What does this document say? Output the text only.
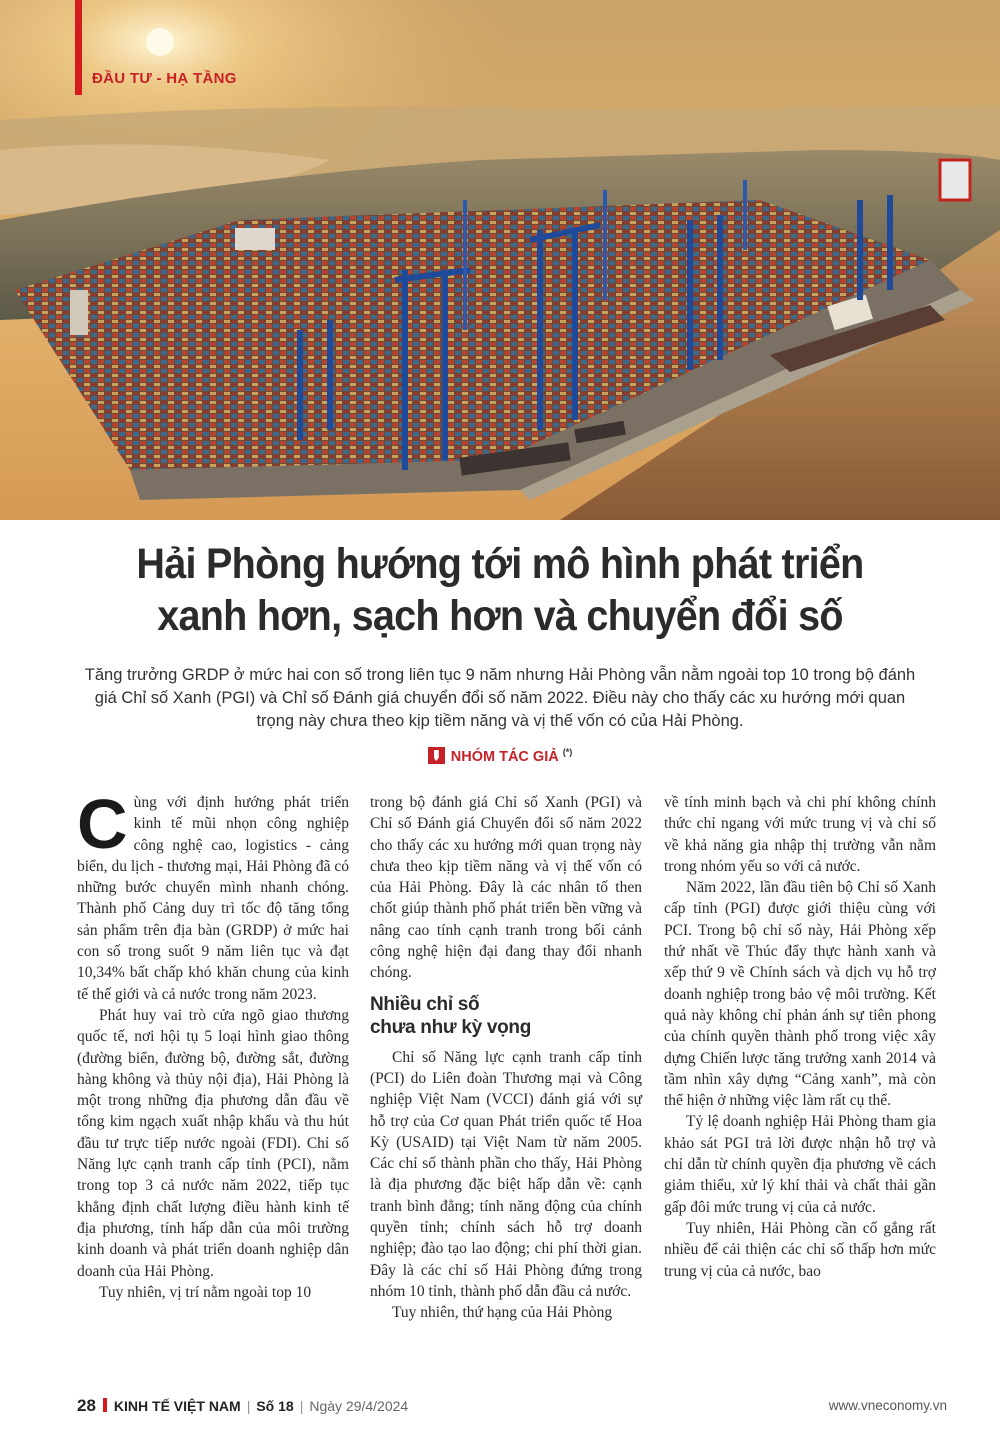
ĐẦU TƯ - HẠ TẦNG
Hải Phòng hướng tới mô hình phát triển
xanh hơn, sạch hơn và chuyển đổi số
Tăng trưởng GRDP ở mức hai con số trong liên tục 9 năm nhưng Hải Phòng vẫn nằm ngoài top 10 trong bộ đánh giá Chỉ số Xanh (PGI) và Chỉ số Đánh giá chuyển đổi số năm 2022. Điều này cho thấy các xu hướng mới quan trọng này chưa theo kịp tiềm năng và vị thế vốn có của Hải Phòng.
NHÓM TÁC GIẢ (*)

Cùng với định hướng phát triển kinh tế mũi nhọn công nghiệp công nghệ cao, logistics - cảng biển, du lịch - thương mại, Hải Phòng đã có những bước chuyển mình nhanh chóng. Thành phố Cảng duy trì tốc độ tăng tổng sản phẩm trên địa bàn (GRDP) ở mức hai con số trong suốt 9 năm liên tục và đạt 10,34% bất chấp khó khăn chung của kinh tế thế giới và cả nước trong năm 2023.

Phát huy vai trò cửa ngõ giao thương quốc tế, nơi hội tụ 5 loại hình giao thông (đường biển, đường bộ, đường sắt, đường hàng không và thủy nội địa), Hải Phòng là một trong những địa phương dẫn đầu về tổng kim ngạch xuất nhập khẩu và thu hút đầu tư trực tiếp nước ngoài (FDI). Chỉ số Năng lực cạnh tranh cấp tỉnh (PCI), nằm trong top 3 cả nước năm 2022, tiếp tục khẳng định chất lượng điều hành kinh tế địa phương, tính hấp dẫn của môi trường kinh doanh và phát triển doanh nghiệp dân doanh của Hải Phòng.

Tuy nhiên, vị trí nằm ngoài top 10

trong bộ đánh giá Chỉ số Xanh (PGI) và Chỉ số Đánh giá Chuyển đổi số năm 2022 cho thấy các xu hướng mới quan trọng này chưa theo kịp tiềm năng và vị thế vốn có của Hải Phòng. Đây là các nhân tố then chốt giúp thành phố phát triển bền vững và nâng cao tính cạnh tranh trong bối cảnh công nghệ hiện đại đang thay đổi nhanh chóng.

Nhiều chỉ số
chưa như kỳ vọng

Chỉ số Năng lực cạnh tranh cấp tỉnh (PCI) do Liên đoàn Thương mại và Công nghiệp Việt Nam (VCCI) đánh giá với sự hỗ trợ của Cơ quan Phát triển quốc tế Hoa Kỳ (USAID) tại Việt Nam từ năm 2005. Các chỉ số thành phần cho thấy, Hải Phòng là địa phương đặc biệt hấp dẫn về: cạnh tranh bình đẳng; tính năng động của chính quyền tỉnh; chính sách hỗ trợ doanh nghiệp; đào tạo lao động; chi phí thời gian. Đây là các chỉ số Hải Phòng đứng trong nhóm 10 tỉnh, thành phố dẫn đầu cả nước.

Tuy nhiên, thứ hạng của Hải Phòng

về tính minh bạch và chi phí không chính thức chỉ ngang với mức trung vị và chỉ số về khả năng gia nhập thị trường vẫn nằm trong nhóm yếu so với cả nước.

Năm 2022, lần đầu tiên bộ Chỉ số Xanh cấp tỉnh (PGI) được giới thiệu cùng với PCI. Trong bộ chỉ số này, Hải Phòng xếp thứ nhất về Thúc đẩy thực hành xanh và xếp thứ 9 về Chính sách và dịch vụ hỗ trợ doanh nghiệp trong bảo vệ môi trường. Kết quả này không chỉ phản ánh sự tiên phong của chính quyền thành phố trong việc xây dựng Chiến lược tăng trưởng xanh 2014 và tầm nhìn xây dựng “Cảng xanh”, mà còn thể hiện ở những việc làm rất cụ thể.

Tỷ lệ doanh nghiệp Hải Phòng tham gia khảo sát PGI trả lời được nhận hỗ trợ và chỉ dẫn từ chính quyền địa phương về cách giảm thiểu, xử lý khí thải và chất thải gần gấp đôi mức trung vị của cả nước.

Tuy nhiên, Hải Phòng cần cố gắng rất nhiều để cải thiện các chỉ số thấp hơn mức trung vị của cả nước, bao

28 KINH TẾ VIỆT NAM | Số 18 | Ngày 29/4/2024	www.vneconomy.vn
